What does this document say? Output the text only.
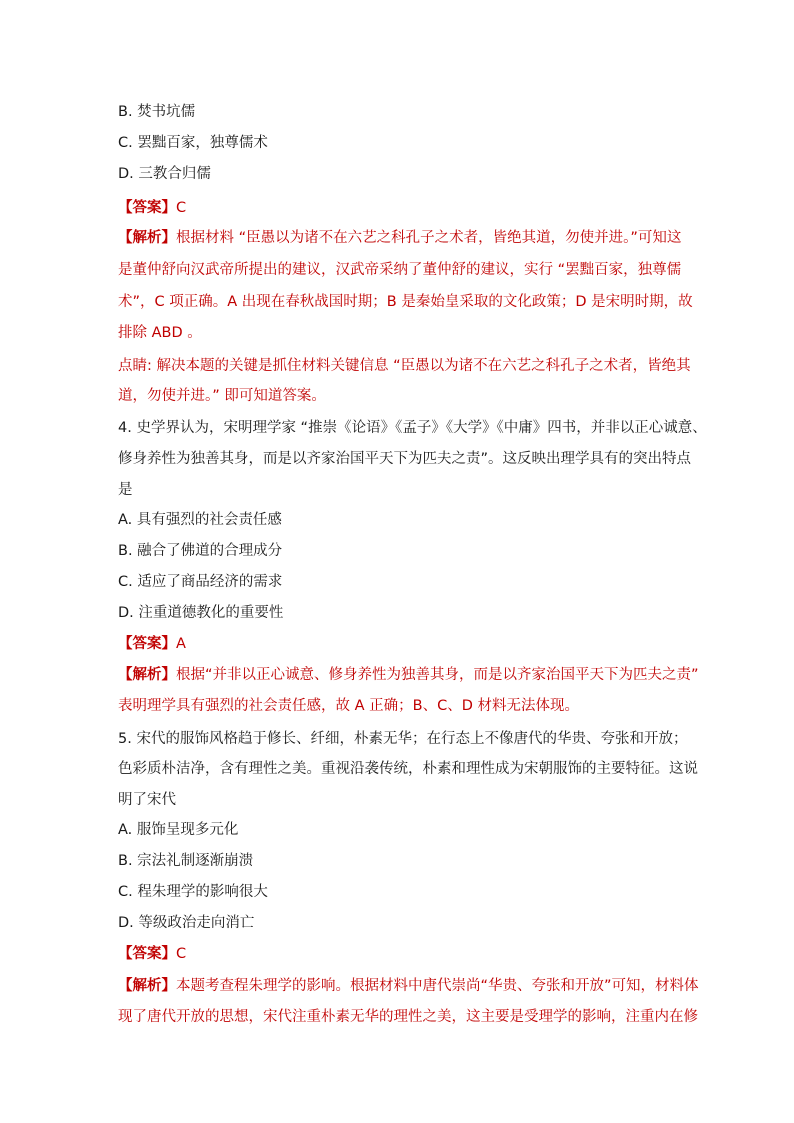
B. 焚书坑儒
C. 罢黜百家，独尊儒术
D. 三教合归儒
【答案】C
【解析】根据材料 “臣愚以为诸不在六艺之科孔子之术者，皆绝其道，勿使并进。”可知这
是董仲舒向汉武帝所提出的建议，汉武帝采纳了董仲舒的建议，实行 “罢黜百家，独尊儒
术”，C 项正确。A 出现在春秋战国时期；B 是秦始皇采取的文化政策；D 是宋明时期，故
排除 ABD 。
点睛: 解决本题的关键是抓住材料关键信息 “臣愚以为诸不在六艺之科孔子之术者，皆绝其
道，勿使并进。” 即可知道答案。
4. 史学界认为，宋明理学家 “推崇《论语》《孟子》《大学》《中庸》四书，并非以正心诚意、
修身养性为独善其身，而是以齐家治国平天下为匹夫之责”。这反映出理学具有的突出特点
是
A. 具有强烈的社会责任感
B. 融合了佛道的合理成分
C. 适应了商品经济的需求
D. 注重道德教化的重要性
【答案】A
【解析】根据“并非以正心诚意、修身养性为独善其身，而是以齐家治国平天下为匹夫之责”
表明理学具有强烈的社会责任感，故 A 正确；B、C、D 材料无法体现。
5. 宋代的服饰风格趋于修长、纤细，朴素无华；在行态上不像唐代的华贵、夸张和开放；
色彩质朴洁净，含有理性之美。重视沿袭传统，朴素和理性成为宋朝服饰的主要特征。这说
明了宋代
A. 服饰呈现多元化
B. 宗法礼制逐渐崩溃
C. 程朱理学的影响很大
D. 等级政治走向消亡
【答案】C
【解析】本题考查程朱理学的影响。根据材料中唐代崇尚“华贵、夸张和开放”可知，材料体
现了唐代开放的思想，宋代注重朴素无华的理性之美，这主要是受理学的影响，注重内在修
